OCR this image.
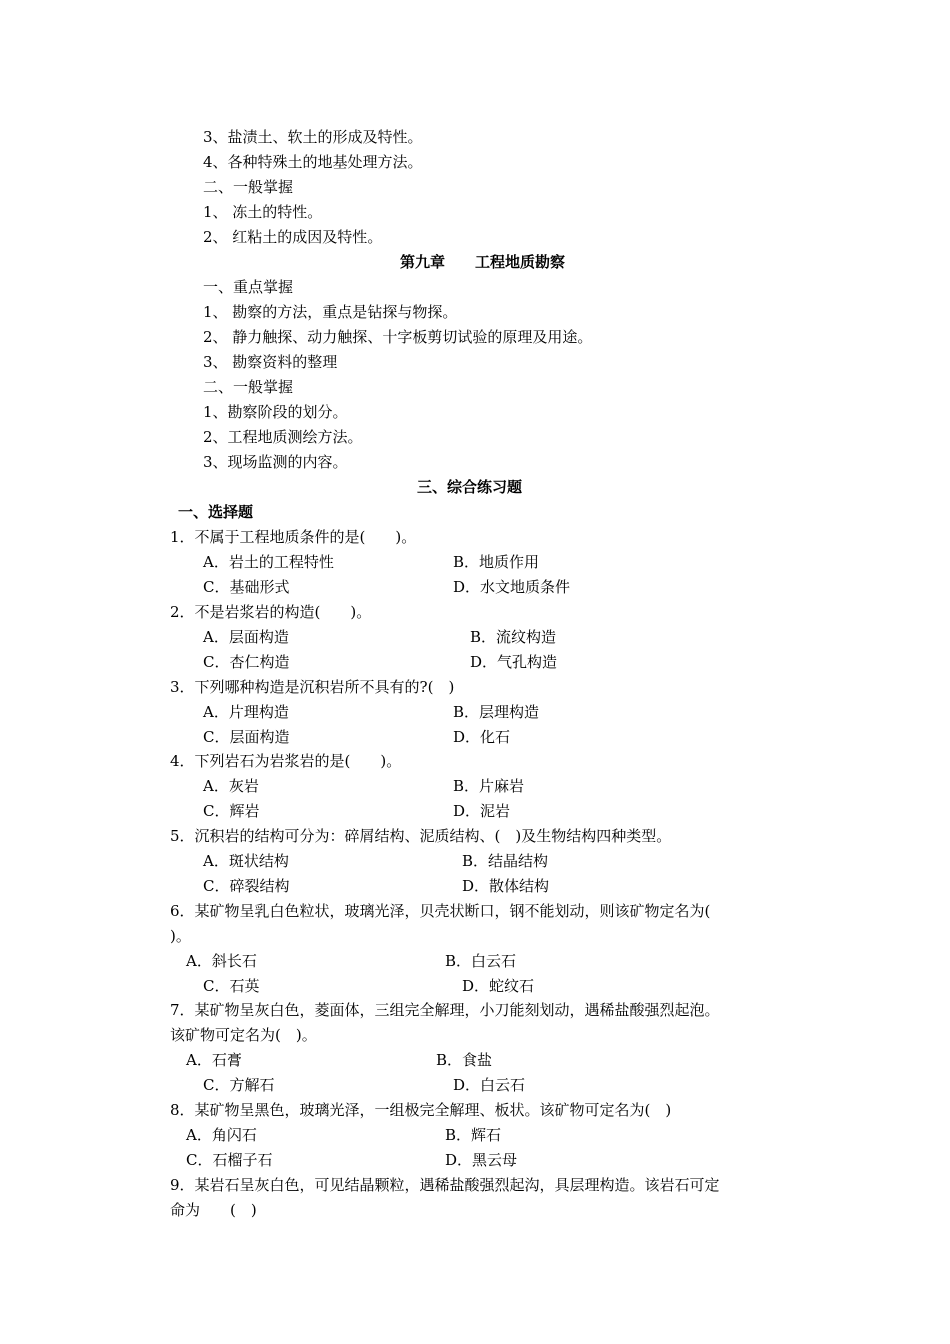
3、盐渍土、软土的形成及特性。
4、各种特殊土的地基处理方法。
二、一般掌握
1、 冻土的特性。
2、 红粘土的成因及特性。
第九章　　工程地质勘察
一、重点掌握
1、 勘察的方法，重点是钻探与物探。
2、 静力触探、动力触探、十字板剪切试验的原理及用途。
3、 勘察资料的整理
二、一般掌握
1、勘察阶段的划分。
2、工程地质测绘方法。
3、现场监测的内容。
三、综合练习题
一、选择题
1．不属于工程地质条件的是(　　)。
A．岩土的工程特性	B．地质作用
C．基础形式	D．水文地质条件
2．不是岩浆岩的构造(　　)。
A．层面构造	B．流纹构造
C．杏仁构造	D．气孔构造
3．下列哪种构造是沉积岩所不具有的?(　)
A．片理构造	B．层理构造
C．层面构造	D．化石
4．下列岩石为岩浆岩的是(　　)。
A．灰岩	B．片麻岩
C．辉岩	D．泥岩
5．沉积岩的结构可分为：碎屑结构、泥质结构、(　)及生物结构四种类型。
A．斑状结构	B．结晶结构
C．碎裂结构	D．散体结构
6．某矿物呈乳白色粒状，玻璃光泽，贝壳状断口，钢不能划动，则该矿物定名为(
)。
A．斜长石	B．白云石
C．石英	D．蛇纹石
7．某矿物呈灰白色，菱面体，三组完全解理，小刀能刻划动，遇稀盐酸强烈起泡。
该矿物可定名为(　)。
A．石膏	B．食盐
C．方解石	D．白云石
8．某矿物呈黑色，玻璃光泽，一组极完全解理、板状。该矿物可定名为(　)
A．角闪石	B．辉石
C．石榴子石	D．黑云母
9．某岩石呈灰白色，可见结晶颗粒，遇稀盐酸强烈起沟，具层理构造。该岩石可定
命为　　(　)
